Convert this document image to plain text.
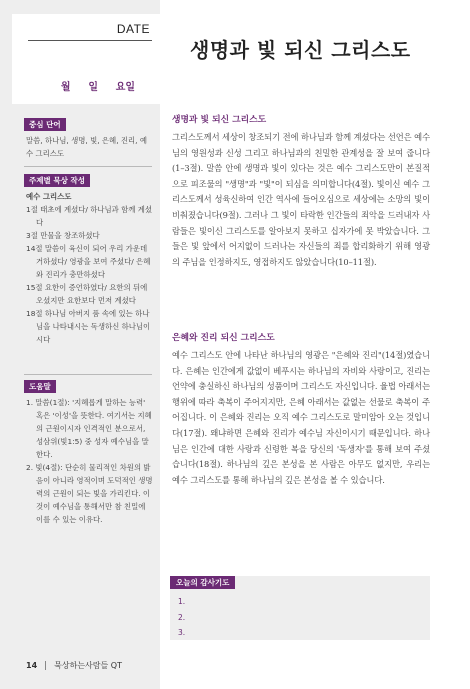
DATE
월 일 요일
중심 단어
말씀, 하나님, 생명, 빛, 은혜, 진리, 예수 그리스도
주제별 묵상 작성
예수 그리스도
1절 태초에 계셨다/ 하나님과 함께 계셨다
3절 만물을 창조하셨다
14절 말씀이 육신이 되어 우리 가운데 거하셨다/ 영광을 보여 주셨다/ 은혜와 진리가 충만하셨다
15절 요한이 증언하였다/ 요한의 뒤에 오셨지만 요한보다 먼저 계셨다
18절 하나님 아버지 품 속에 있는 하나님을 나타내시는 독생하신 하나님이시다
도움말
1. 말씀(1절): '지혜롭게 말하는 능력' 혹은 '이성'을 뜻한다. 여기서는 지혜의 근원이시자 인격적인 분으로서, 성삼위(빛1:5) 중 성자 예수님을 말한다.
2. 빛(4절): 단순히 물리적인 차원의 밝음이 아니라 영적이며 도덕적인 생명력의 근원이 되는 빛을 가리킨다. 이것이 예수님을 통해서만 참 친밀에 이를 수 있는 이유다.
생명과 빛 되신 그리스도
생명과 빛 되신 그리스도

그리스도께서 세상이 창조되기 전에 하나님과 함께 계셨다는 선언은 예수님의 영원성과 신성 그리고 하나님과의 친밀한 관계성을 잘 보여 줍니다(1–3절). 말씀 안에 생명과 빛이 있다는 것은 예수 그리스도만이 본질적으로 피조물의 "생명"과 "빛"이 되심을 의미합니다(4절). 빛이신 예수 그리스도께서 성육신하여 인간 역사에 들어오심으로 세상에는 소망의 빛이 비춰졌습니다(9절). 그러나 그 빛이 타락한 인간들의 죄악을 드러내자 사람들은 빛이신 그리스도를 알아보지 못하고 십자가에 못 박았습니다. 그들은 빛 앞에서 어지없이 드러나는 자신들의 죄를 합리화하기 위해 영광의 주님을 인정하지도, 영접하지도 않았습니다(10–11절).

은혜와 진리 되신 그리스도

예수 그리스도 안에 나타난 하나님의 영광은 "은혜와 진리"(14절)였습니다. 은혜는 인간에게 값없이 베푸시는 하나님의 자비와 사랑이고, 진리는 언약에 충실하신 하나님의 성품이며 그리스도 자신입니다. 율법 아래서는 행위에 따라 축복이 주어지지만, 은혜 아래서는 값없는 선물로 축복이 주어집니다. 이 은혜와 진리는 오직 예수 그리스도로 말미암아 오는 것입니다(17절). 왜냐하면 은혜와 진리가 예수님 자신이시기 때문입니다. 하나님은 인간에 대한 사랑과 신령한 복을 당신의 '독생자'를 통해 보여 주셨습니다(18절). 하나님의 깊은 본성을 본 사람은 아무도 없지만, 우리는 예수 그리스도를 통해 하나님의 깊은 본성을 볼 수 있습니다.

오늘의 감사기도
1.
2.
3.
14 묵상하는사람들 QT
